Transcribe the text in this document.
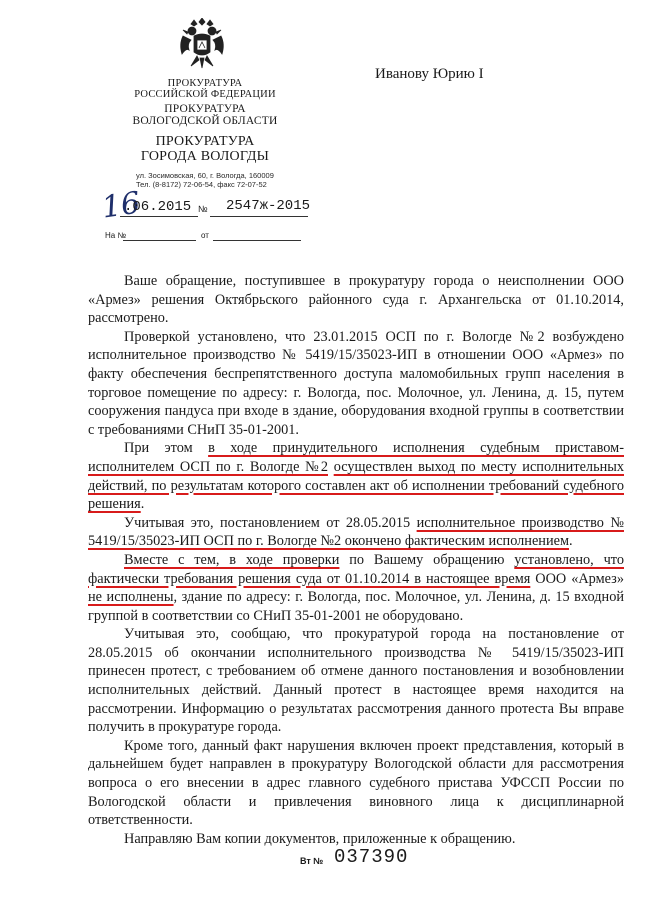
ПРОКУРАТУРА
РОССИЙСКОЙ ФЕДЕРАЦИИ
ПРОКУРАТУРА
ВОЛОГОДСКОЙ ОБЛАСТИ
ПРОКУРАТУРА
ГОРОДА ВОЛОГДЫ
ул. Зосимовская, 60, г. Вологда, 160009
Тел. (8-8172) 72-06-54, факс 72-07-52
Иванову Юрию I
16
.06.2015 № 2547ж-2015
На №	от

Ваше обращение, поступившее в прокуратуру города о неисполнении ООО «Армез» решения Октябрьского районного суда г. Архангельска от 01.10.2014, рассмотрено.

Проверкой установлено, что 23.01.2015 ОСП по г. Вологде №2 возбуждено исполнительное производство № 5419/15/35023-ИП в отношении ООО «Армез» по факту обеспечения беспрепятственного доступа маломобильных групп населения в торговое помещение по адресу: г. Вологда, пос. Молочное, ул. Ленина, д. 15, путем сооружения пандуса при входе в здание, оборудования входной группы в соответствии с требованиями СНиП 35-01-2001.

При этом в ходе принудительного исполнения судебным приставом-исполнителем ОСП по г. Вологде №2 осуществлен выход по месту исполнительных действий, по результатам которого составлен акт об исполнении требований судебного решения.

Учитывая это, постановлением от 28.05.2015 исполнительное производство № 5419/15/35023-ИП ОСП по г. Вологде №2 окончено фактическим исполнением.

Вместе с тем, в ходе проверки по Вашему обращению установлено, что фактически требования решения суда от 01.10.2014 в настоящее время ООО «Армез» не исполнены, здание по адресу: г. Вологда, пос. Молочное, ул. Ленина, д. 15 входной группой в соответствии со СНиП 35-01-2001 не оборудовано.

Учитывая это, сообщаю, что прокуратурой города на постановление от 28.05.2015 об окончании исполнительного производства № 5419/15/35023-ИП принесен протест, с требованием об отмене данного постановления и возобновлении исполнительных действий. Данный протест в настоящее время находится на рассмотрении. Информацию о результатах рассмотрения данного протеста Вы вправе получить в прокуратуре города.

Кроме того, данный факт нарушения включен проект представления, который в дальнейшем будет направлен в прокуратуру Вологодской области для рассмотрения вопроса о его внесении в адрес главного судебного пристава УФССП России по Вологодской области и привлечения виновного лица к дисциплинарной ответственности.

Направляю Вам копии документов, приложенные к обращению.

Вт № 037390
